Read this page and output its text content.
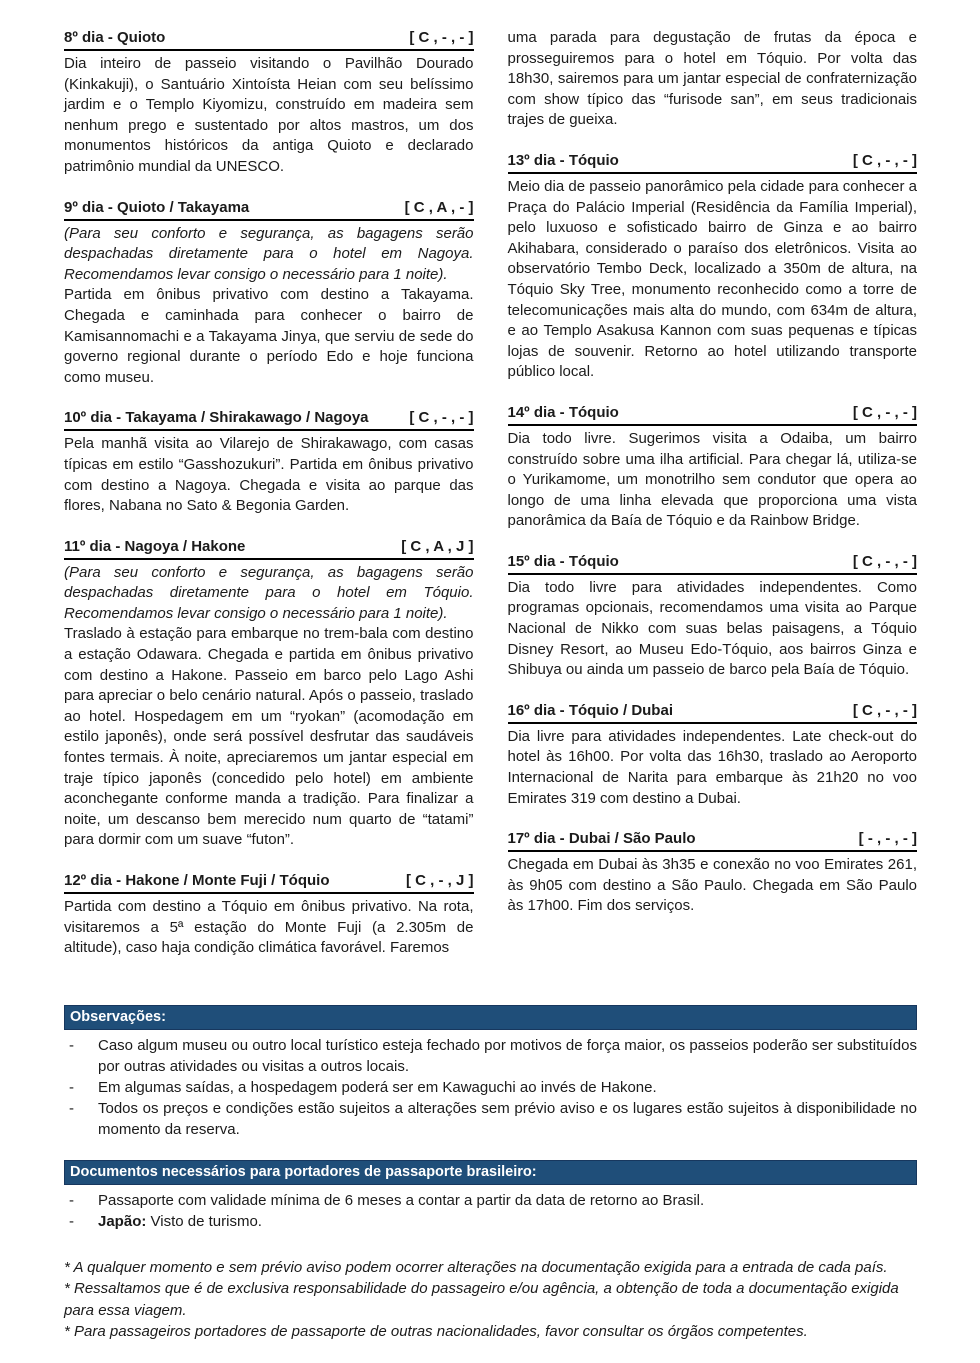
8º dia - Quioto	[ C , - , - ]

Dia inteiro de passeio visitando o Pavilhão Dourado (Kinkakuji), o Santuário Xintoísta Heian com seu belíssimo jardim e o Templo Kiyomizu, construído em madeira sem nenhum prego e sustentado por altos mastros, um dos monumentos históricos da antiga Quioto e declarado patrimônio mundial da UNESCO.

9º dia - Quioto / Takayama	[ C , A , - ]

(Para seu conforto e segurança, as bagagens serão despachadas diretamente para o hotel em Nagoya. Recomendamos levar consigo o necessário para 1 noite).

Partida em ônibus privativo com destino a Takayama. Chegada e caminhada para conhecer o bairro de Kamisannomachi e a Takayama Jinya, que serviu de sede do governo regional durante o período Edo e hoje funciona como museu.

10º dia - Takayama / Shirakawago / Nagoya	[ C , - , - ]

Pela manhã visita ao Vilarejo de Shirakawago, com casas típicas em estilo “Gasshozukuri”. Partida em ônibus privativo com destino a Nagoya. Chegada e visita ao parque das flores, Nabana no Sato & Begonia Garden.

11º dia - Nagoya / Hakone	[ C , A , J ]

(Para seu conforto e segurança, as bagagens serão despachadas diretamente para o hotel em Tóquio. Recomendamos levar consigo o necessário para 1 noite).

Traslado à estação para embarque no trem-bala com destino a estação Odawara. Chegada e partida em ônibus privativo com destino a Hakone. Passeio em barco pelo Lago Ashi para apreciar o belo cenário natural. Após o passeio, traslado ao hotel. Hospedagem em um “ryokan” (acomodação em estilo japonês), onde será possível desfrutar das saudáveis fontes termais. À noite, apreciaremos um jantar especial em traje típico japonês (concedido pelo hotel) em ambiente aconchegante conforme manda a tradição. Para finalizar a noite, um descanso bem merecido num quarto de “tatami” para dormir com um suave “futon”.

12º dia - Hakone / Monte Fuji / Tóquio	[ C , - , J ]

Partida com destino a Tóquio em ônibus privativo. Na rota, visitaremos a 5ª estação do Monte Fuji (a 2.305m de altitude), caso haja condição climática favorável. Faremos

uma parada para degustação de frutas da época e prosseguiremos para o hotel em Tóquio. Por volta das 18h30, sairemos para um jantar especial de confraternização com show típico das “furisode san”, em seus tradicionais trajes de gueixa.

13º dia - Tóquio	[ C , - , - ]

Meio dia de passeio panorâmico pela cidade para conhecer a Praça do Palácio Imperial (Residência da Família Imperial), pelo luxuoso e sofisticado bairro de Ginza e ao bairro Akihabara, considerado o paraíso dos eletrônicos. Visita ao observatório Tembo Deck, localizado a 350m de altura, na Tóquio Sky Tree, monumento reconhecido como a torre de telecomunicações mais alta do mundo, com 634m de altura, e ao Templo Asakusa Kannon com suas pequenas e típicas lojas de souvenir. Retorno ao hotel utilizando transporte público local.

14º dia - Tóquio	[ C , - , - ]

Dia todo livre. Sugerimos visita a Odaiba, um bairro construído sobre uma ilha artificial. Para chegar lá, utiliza-se o Yurikamome, um monotrilho sem condutor que opera ao longo de uma linha elevada que proporciona uma vista panorâmica da Baía de Tóquio e da Rainbow Bridge.

15º dia - Tóquio	[ C , - , - ]

Dia todo livre para atividades independentes. Como programas opcionais, recomendamos uma visita ao Parque Nacional de Nikko com suas belas paisagens, a Tóquio Disney Resort, ao Museu Edo-Tóquio, aos bairros Ginza e Shibuya ou ainda um passeio de barco pela Baía de Tóquio.

16º dia - Tóquio / Dubai	[ C , - , - ]

Dia livre para atividades independentes. Late check-out do hotel às 16h00. Por volta das 16h30, traslado ao Aeroporto Internacional de Narita para embarque às 21h20 no voo Emirates 319 com destino a Dubai.

17º dia - Dubai / São Paulo	[ - , - , - ]

Chegada em Dubai às 3h35 e conexão no voo Emirates 261, às 9h05 com destino a São Paulo. Chegada em São Paulo às 17h00. Fim dos serviços.

Observações:
-	Caso algum museu ou outro local turístico esteja fechado por motivos de força maior, os passeios poderão ser substituídos por outras atividades ou visitas a outros locais.
-	Em algumas saídas, a hospedagem poderá ser em Kawaguchi ao invés de Hakone.
-	Todos os preços e condições estão sujeitos a alterações sem prévio aviso e os lugares estão sujeitos à disponibilidade no momento da reserva.
Documentos necessários para portadores de passaporte brasileiro:
-	Passaporte com validade mínima de 6 meses a contar a partir da data de retorno ao Brasil.
-	Japão: Visto de turismo.

* A qualquer momento e sem prévio aviso podem ocorrer alterações na documentação exigida para a entrada de cada país.

* Ressaltamos que é de exclusiva responsabilidade do passageiro e/ou agência, a obtenção de toda a documentação exigida para essa viagem.

* Para passageiros portadores de passaporte de outras nacionalidades, favor consultar os órgãos competentes.
